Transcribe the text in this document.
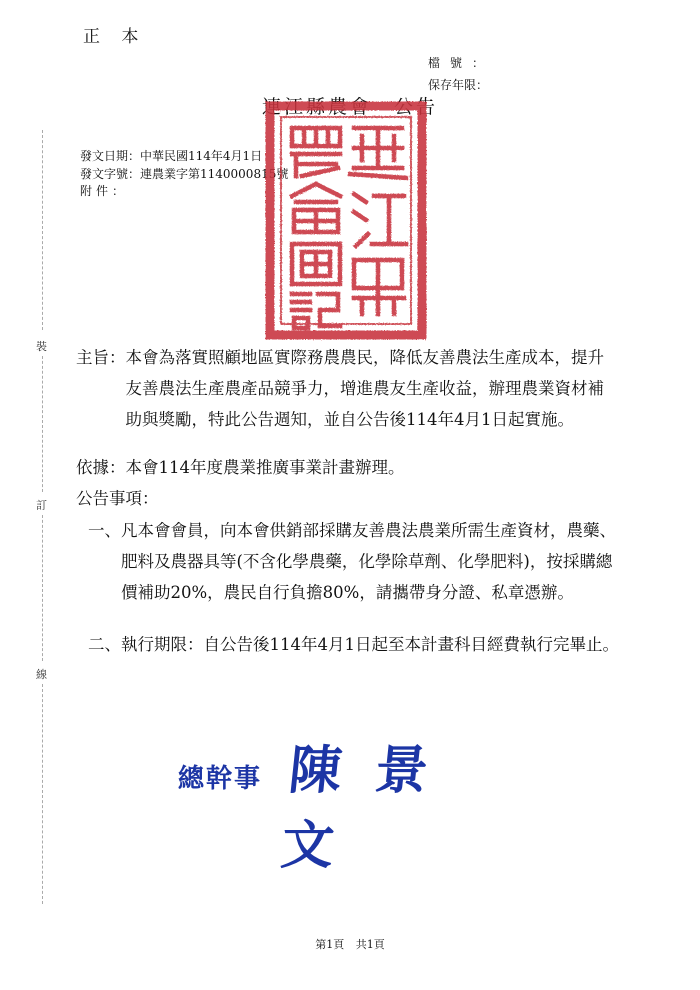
正 本
檔號：
保存年限：
連江縣農會　公告
發文日期：中華民國114年4月1日
發文字號：連農業字第1140000815號
附件：
裝
訂
線
主旨： 本會為落實照顧地區實際務農農民，降低友善農法生產成本，提升友善農法生產農產品競爭力，增進農友生產收益，辦理農業資材補助與獎勵，特此公告週知，並自公告後114年4月1日起實施。
依據： 本會114年度農業推廣事業計畫辦理。
公告事項：
一、 凡本會會員，向本會供銷部採購友善農法農業所需生產資材，農藥、肥料及農器具等(不含化學農藥，化學除草劑、化學肥料)，按採購總價補助20%，農民自行負擔80%，請攜帶身分證、私章憑辦。
二、 執行期限：自公告後114年4月1日起至本計畫科目經費執行完畢止。
總幹事 陳景文
第1頁 共1頁
